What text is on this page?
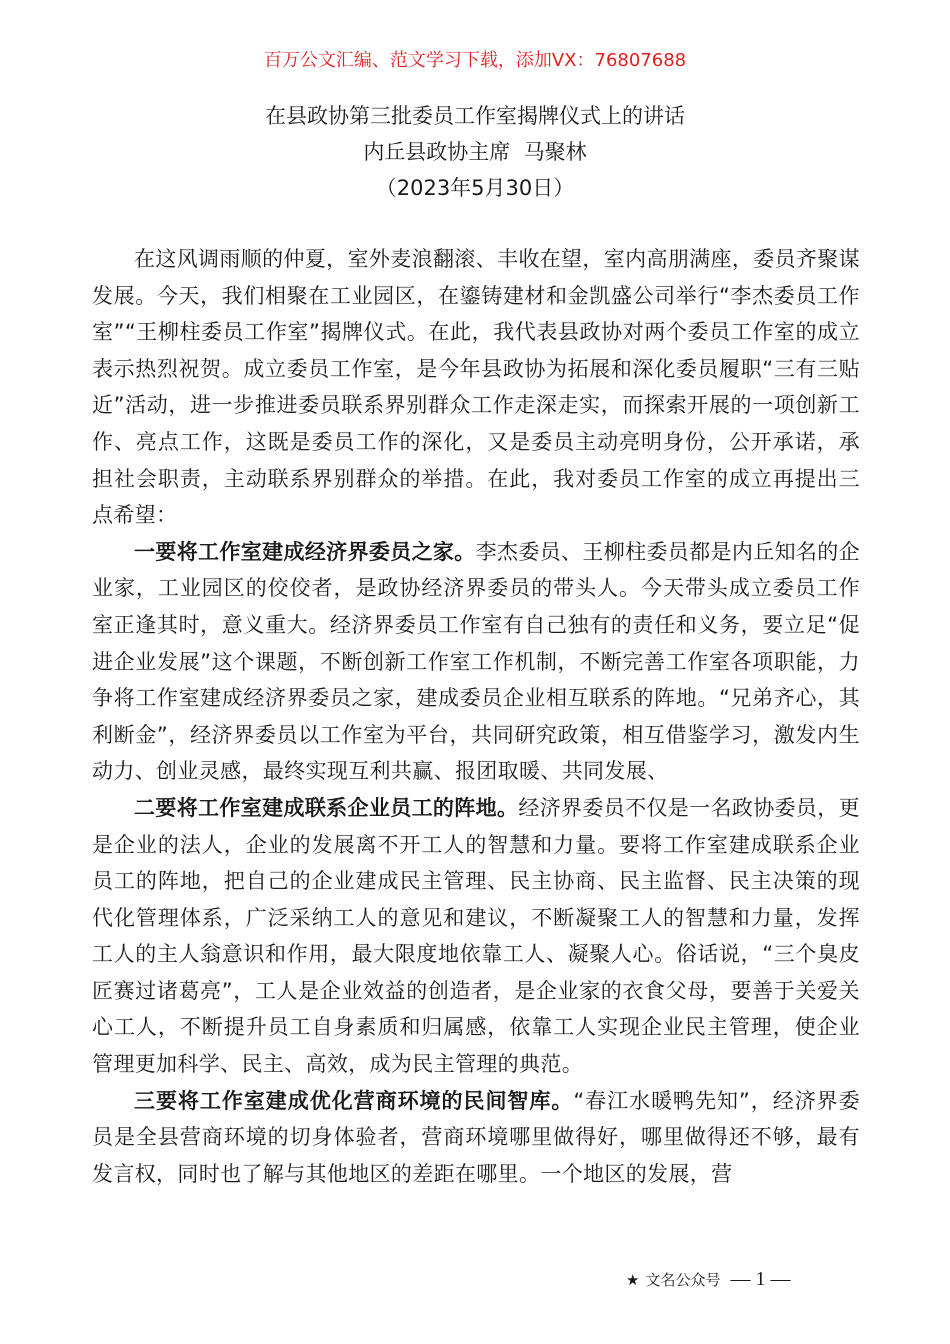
百万公文汇编、范文学习下载，添加VX：76807688
在县政协第三批委员工作室揭牌仪式上的讲话
内丘县政协主席  马聚林
（2023年5月30日）

在这风调雨顺的仲夏，室外麦浪翻滚、丰收在望，室内高朋满座，委员齐聚谋发展。今天，我们相聚在工业园区，在鎏铸建材和金凯盛公司举行“李杰委员工作室”“王柳柱委员工作室”揭牌仪式。在此，我代表县政协对两个委员工作室的成立表示热烈祝贺。成立委员工作室，是今年县政协为拓展和深化委员履职“三有三贴近”活动，进一步推进委员联系界别群众工作走深走实，而探索开展的一项创新工作、亮点工作，这既是委员工作的深化，又是委员主动亮明身份，公开承诺，承担社会职责，主动联系界别群众的举措。在此，我对委员工作室的成立再提出三点希望：

一要将工作室建成经济界委员之家。李杰委员、王柳柱委员都是内丘知名的企业家，工业园区的佼佼者，是政协经济界委员的带头人。今天带头成立委员工作室正逢其时，意义重大。经济界委员工作室有自己独有的责任和义务，要立足“促进企业发展”这个课题，不断创新工作室工作机制，不断完善工作室各项职能，力争将工作室建成经济界委员之家，建成委员企业相互联系的阵地。“兄弟齐心，其利断金”，经济界委员以工作室为平台，共同研究政策，相互借鉴学习，激发内生动力、创业灵感，最终实现互利共赢、报团取暖、共同发展、

二要将工作室建成联系企业员工的阵地。经济界委员不仅是一名政协委员，更是企业的法人，企业的发展离不开工人的智慧和力量。要将工作室建成联系企业员工的阵地，把自己的企业建成民主管理、民主协商、民主监督、民主决策的现代化管理体系，广泛采纳工人的意见和建议，不断凝聚工人的智慧和力量，发挥工人的主人翁意识和作用，最大限度地依靠工人、凝聚人心。俗话说，“三个臭皮匠赛过诸葛亮”，工人是企业效益的创造者，是企业家的衣食父母，要善于关爱关心工人，不断提升员工自身素质和归属感，依靠工人实现企业民主管理，使企业管理更加科学、民主、高效，成为民主管理的典范。

三要将工作室建成优化营商环境的民间智库。“春江水暖鸭先知”，经济界委员是全县营商环境的切身体验者，营商环境哪里做得好，哪里做得还不够，最有发言权，同时也了解与其他地区的差距在哪里。一个地区的发展，营

★ 文名公众号 — 1 —
